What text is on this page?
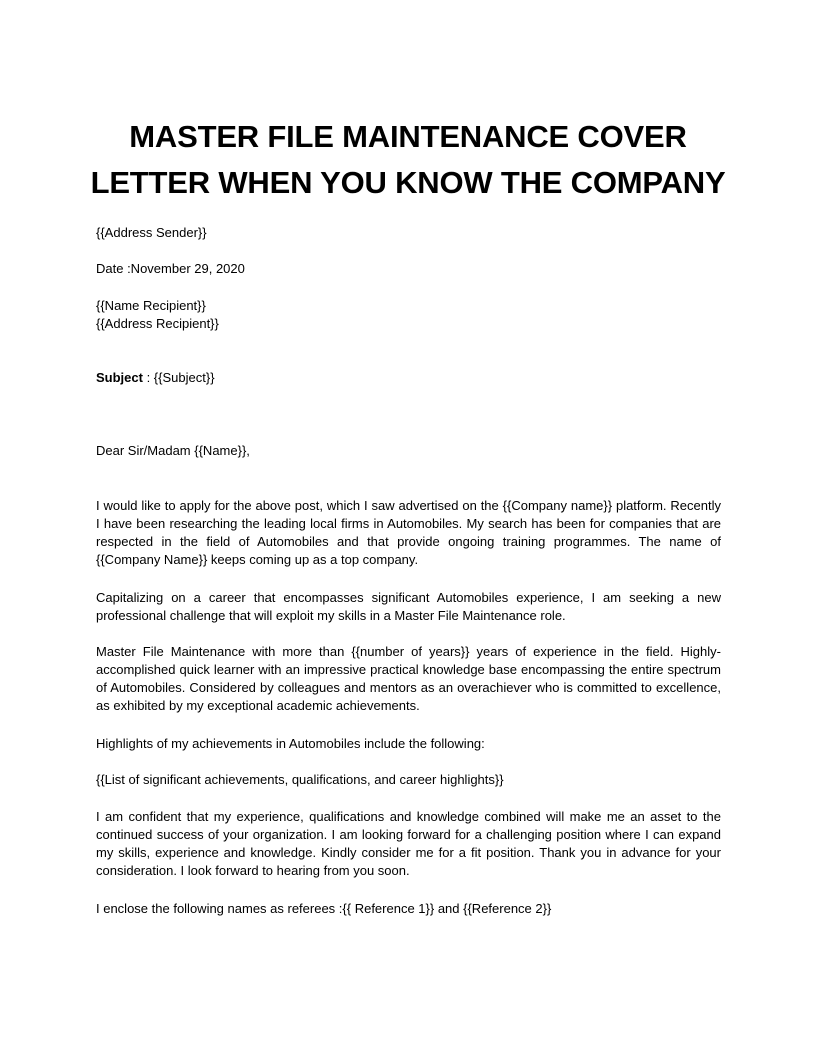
MASTER FILE MAINTENANCE COVER
LETTER WHEN YOU KNOW THE COMPANY
{{Address Sender}}
Date :November 29, 2020
{{Name Recipient}}
{{Address Recipient}}
Subject : {{Subject}}
Dear Sir/Madam {{Name}},
I would like to apply for the above post, which I saw advertised on the {{Company name}} platform. Recently I have been researching the leading local firms in Automobiles. My search has been for companies that are respected in the field of Automobiles and that provide ongoing training programmes. The name of {{Company Name}} keeps coming up as a top company.
Capitalizing on a career that encompasses significant Automobiles experience, I am seeking a new professional challenge that will exploit my skills in a Master File Maintenance role.
Master File Maintenance with more than {{number of years}} years of experience in the field. Highly-accomplished quick learner with an impressive practical knowledge base encompassing the entire spectrum of Automobiles. Considered by colleagues and mentors as an overachiever who is committed to excellence, as exhibited by my exceptional academic achievements.
Highlights of my achievements in Automobiles include the following:
{{List of significant achievements, qualifications, and career highlights}}
I am confident that my experience, qualifications and knowledge combined will make me an asset to the continued success of your organization. I am looking forward for a challenging position where I can expand my skills, experience and knowledge. Kindly consider me for a fit position. Thank you in advance for your consideration. I look forward to hearing from you soon.
I enclose the following names as referees :{{ Reference 1}} and {{Reference 2}}
